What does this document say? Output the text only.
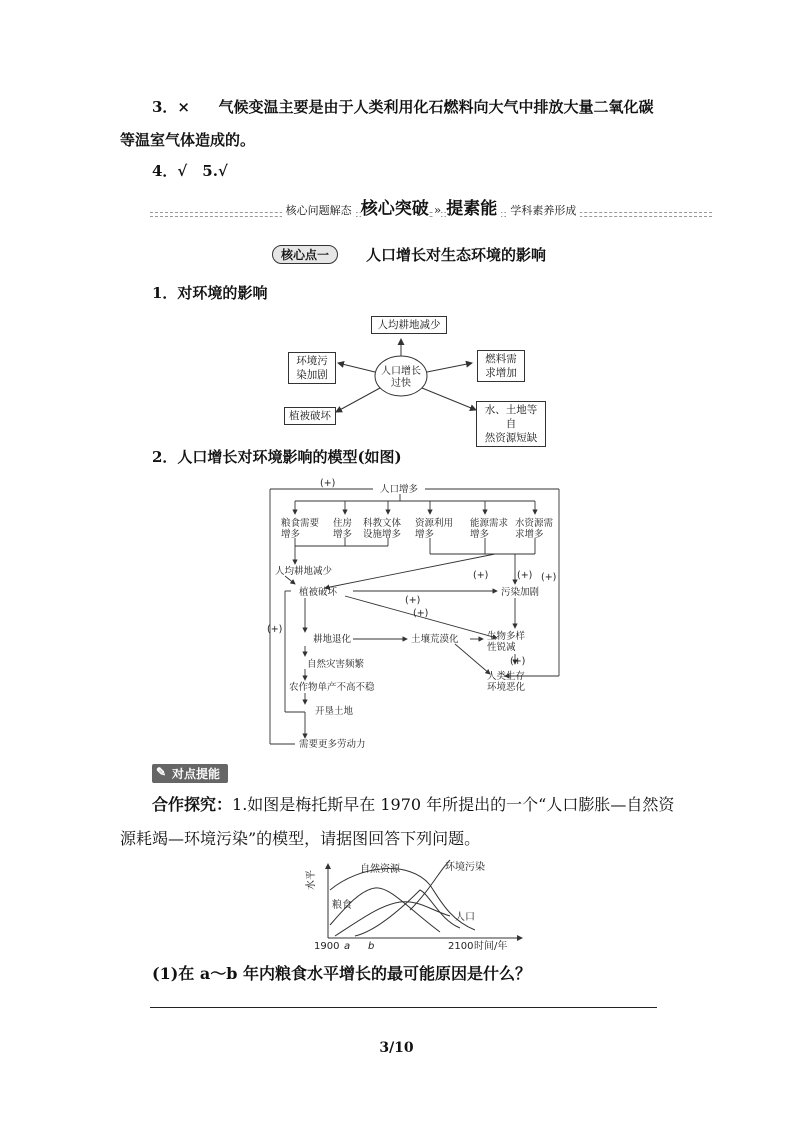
3．× 气候变温主要是由于人类利用化石燃料向大气中排放大量二氧化碳
等温室气体造成的。
4．√　5.√
核心问题解态 核心突破 » 提素能 学科素养形成
核心点一	人口增长对生态环境的影响
1．对环境的影响
人均耕地减少
人口增长
过快
环境污
染加剧
燃料需
求增加
植被破坏	水、土地等自
然资源短缺
2．人口增长对环境影响的模型(如图)
人口增多
(+)
粮食需要
增多
住房
增多
科教文体
设施增多
资源利用
增多
能源需求
增多
水资源需
求增多
人均耕地减少
植被破坏	污染加剧
(+)	(+) (+)
(+)
(+)
(+)
耕地退化	土壤荒漠化	生物多样
性锐减
(+)
自然灾害频繁
农作物单产不高不稳
人类生存
环境恶化
开垦土地
需要更多劳动力
✎ 对点提能
合作探究：1.如图是梅托斯早在 1970 年所提出的一个“人口膨胀—自然资
源耗竭—环境污染”的模型，请据图回答下列问题。
水平
自然资源
粮食
环境污染
人口
1900 a b	2100 时间/年
(1)在 a～b 年内粮食水平增长的最可能原因是什么？
3/10
